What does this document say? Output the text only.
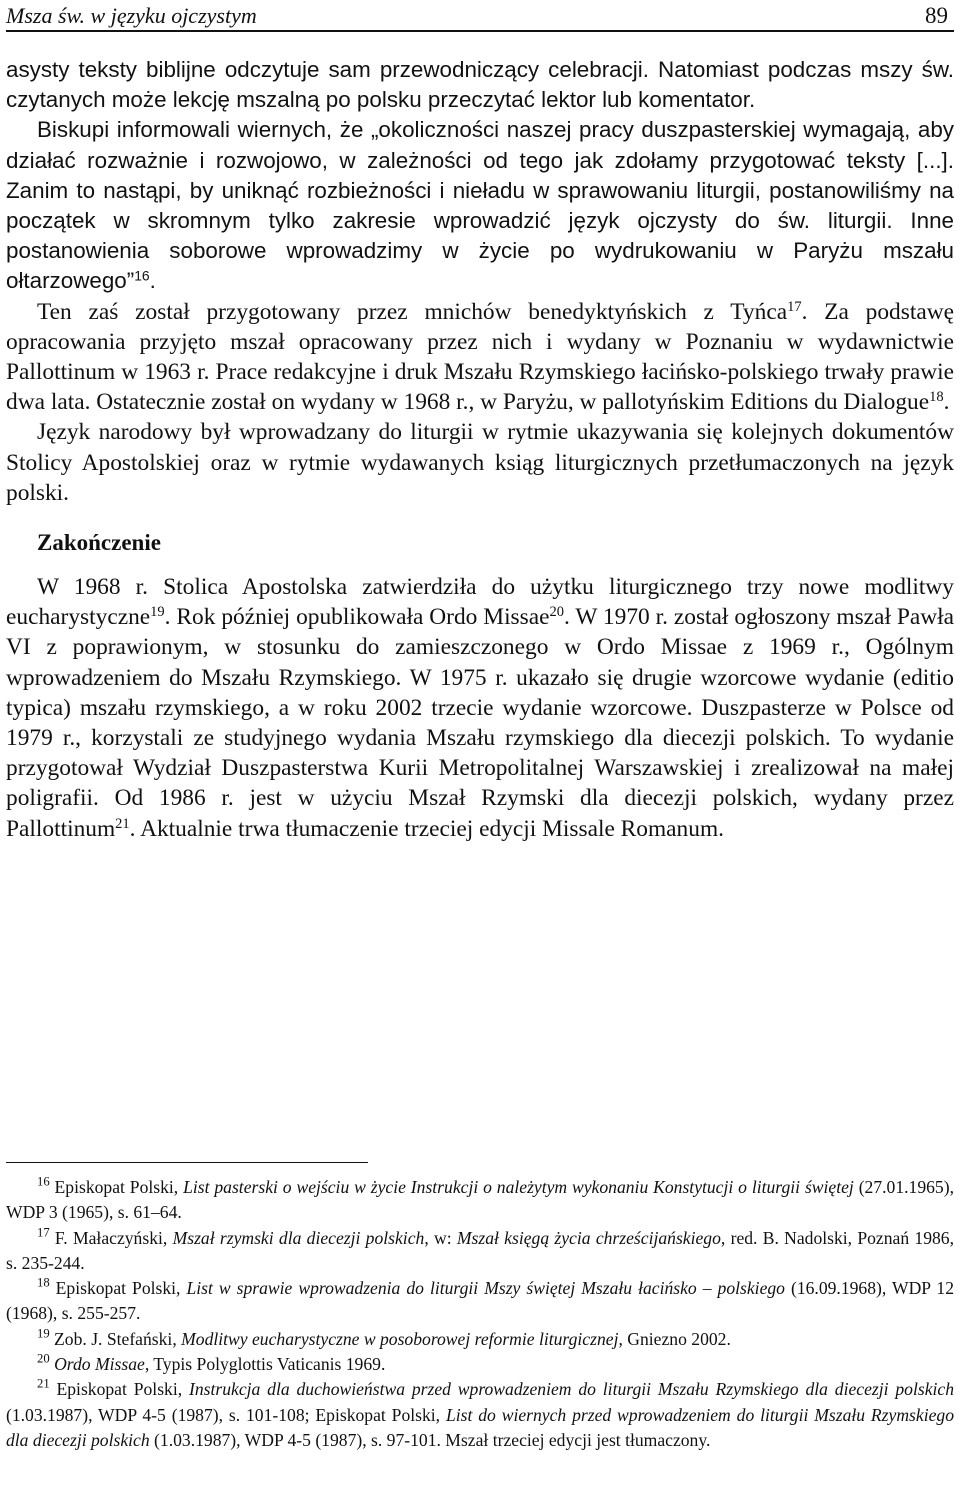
Msza św. w języku ojczystym	89

asysty teksty biblijne odczytuje sam przewodniczący celebracji. Natomiast podczas mszy św. czytanych może lekcję mszalną po polsku przeczytać lektor lub komentator.

Biskupi informowali wiernych, że „okoliczności naszej pracy duszpasterskiej wymagają, aby działać rozważnie i rozwojowo, w zależności od tego jak zdołamy przygotować teksty [...]. Zanim to nastąpi, by uniknąć rozbieżności i nieładu w sprawowaniu liturgii, postanowiliśmy na początek w skromnym tylko zakresie wprowadzić język ojczysty do św. liturgii. Inne postanowienia soborowe wprowadzimy w życie po wydrukowaniu w Paryżu mszału ołtarzowego”$^{16}$.

Ten zaś został przygotowany przez mnichów benedyktyńskich z Tyńca$^{17}$. Za podstawę opracowania przyjęto mszał opracowany przez nich i wydany w Poznaniu w wydawnictwie Pallottinum w 1963 r. Prace redakcyjne i druk Mszału Rzymskiego łacińsko-polskiego trwały prawie dwa lata. Ostatecznie został on wydany w 1968 r., w Paryżu, w pallotyńskim Editions du Dialogue$^{18}$.

Język narodowy był wprowadzany do liturgii w rytmie ukazywania się kolejnych dokumentów Stolicy Apostolskiej oraz w rytmie wydawanych ksiąg liturgicznych przetłumaczonych na język polski.

Zakończenie

W 1968 r. Stolica Apostolska zatwierdziła do użytku liturgicznego trzy nowe modlitwy eucharystyczne$^{19}$. Rok później opublikowała Ordo Missae$^{20}$. W 1970 r. został ogłoszony mszał Pawła VI z poprawionym, w stosunku do zamieszczonego w Ordo Missae z 1969 r., Ogólnym wprowadzeniem do Mszału Rzymskiego. W 1975 r. ukazało się drugie wzorcowe wydanie (editio typica) mszału rzymskiego, a w roku 2002 trzecie wydanie wzorcowe. Duszpasterze w Polsce od 1979 r., korzystali ze studyjnego wydania Mszału rzymskiego dla diecezji polskich. To wydanie przygotował Wydział Duszpasterstwa Kurii Metropolitalnej Warszawskiej i zrealizował na małej poligrafii. Od 1986 r. jest w użyciu Mszał Rzymski dla diecezji polskich, wydany przez Pallottinum$^{21}$. Aktualnie trwa tłumaczenie trzeciej edycji Missale Romanum.

$^{16}$ Episkopat Polski, List pasterski o wejściu w życie Instrukcji o należytym wykonaniu Konstytucji o liturgii świętej (27.01.1965), WDP 3 (1965), s. 61–64.

$^{17}$ F. Małaczyński, Mszał rzymski dla diecezji polskich, w: Mszał księgą życia chrześcijańskiego, red. B. Nadolski, Poznań 1986, s. 235-244.

$^{18}$ Episkopat Polski, List w sprawie wprowadzenia do liturgii Mszy świętej Mszału łacińsko – polskiego (16.09.1968), WDP 12 (1968), s. 255-257.

$^{19}$ Zob. J. Stefański, Modlitwy eucharystyczne w posoborowej reformie liturgicznej, Gniezno 2002.

$^{20}$ Ordo Missae, Typis Polyglottis Vaticanis 1969.

$^{21}$ Episkopat Polski, Instrukcja dla duchowieństwa przed wprowadzeniem do liturgii Mszału Rzymskiego dla diecezji polskich (1.03.1987), WDP 4-5 (1987), s. 101-108; Episkopat Polski, List do wiernych przed wprowadzeniem do liturgii Mszału Rzymskiego dla diecezji polskich (1.03.1987), WDP 4-5 (1987), s. 97-101. Mszał trzeciej edycji jest tłumaczony.
